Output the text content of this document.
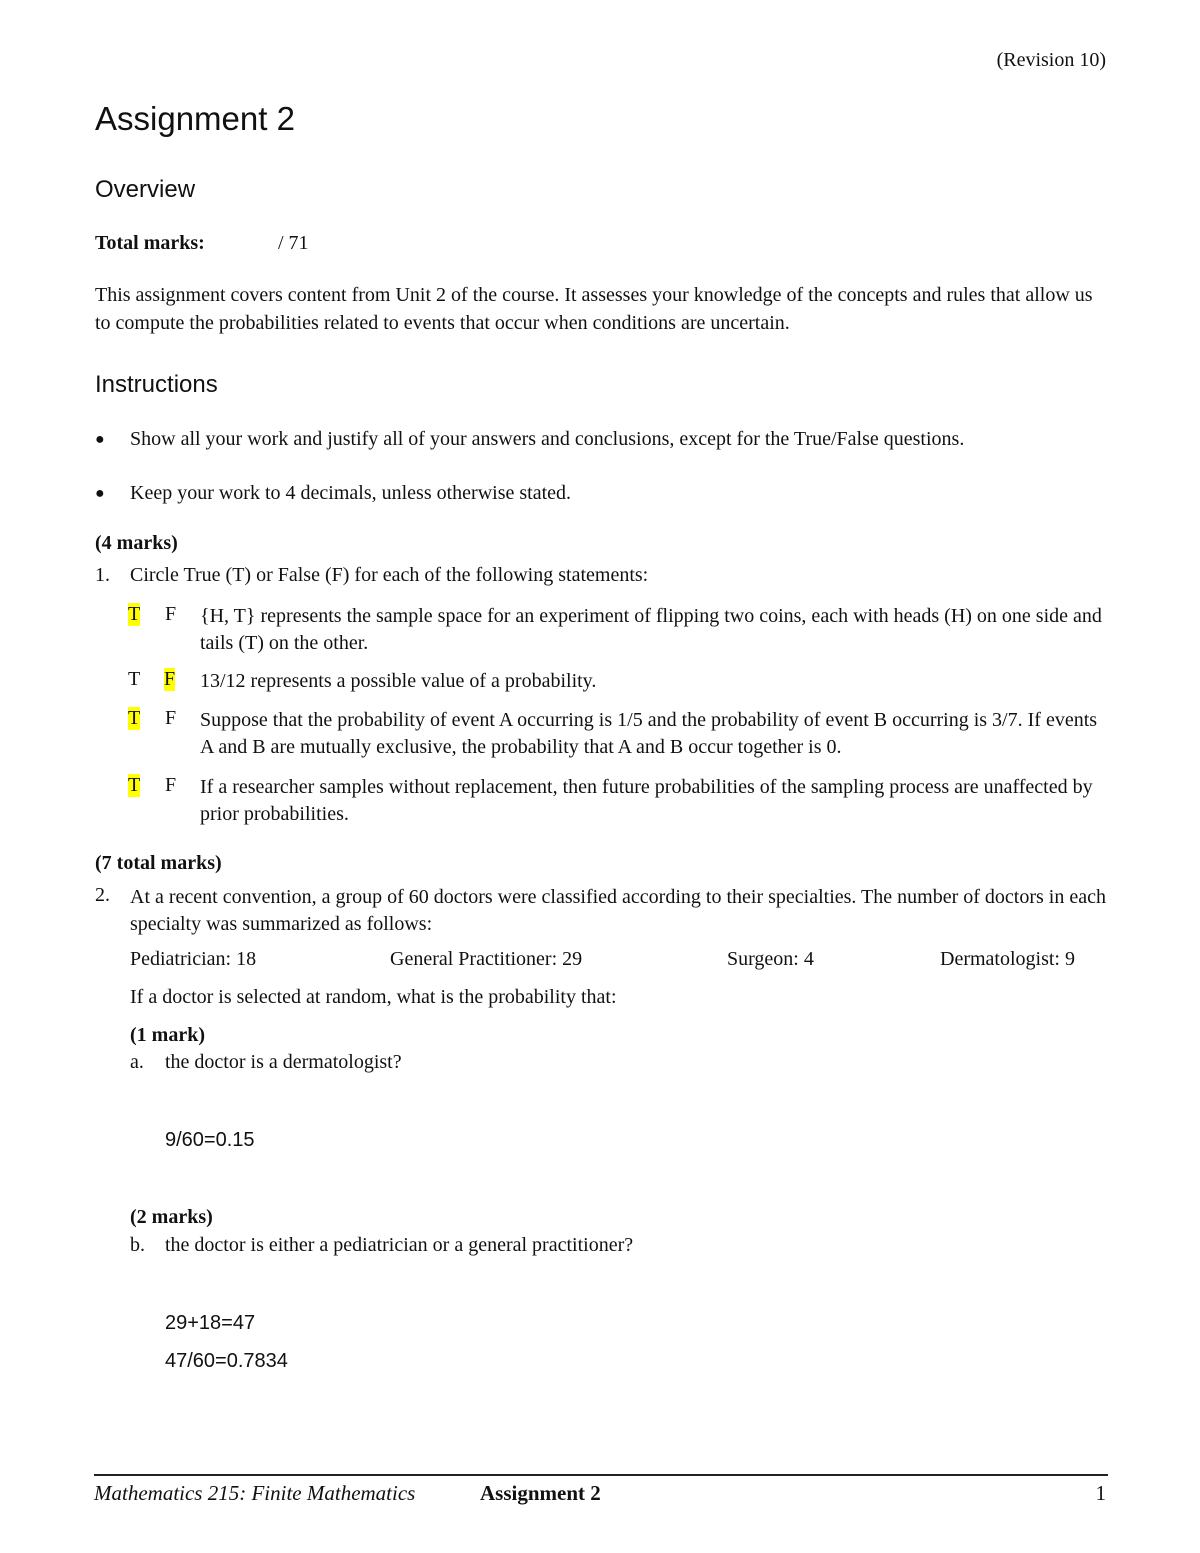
(Revision 10)
Assignment 2
Overview
Total marks:	/ 71
This assignment covers content from Unit 2 of the course. It assesses your knowledge of the concepts and rules that allow us to compute the probabilities related to events that occur when conditions are uncertain.
Instructions
● Show all your work and justify all of your answers and conclusions, except for the True/False questions.
● Keep your work to 4 decimals, unless otherwise stated.
(4 marks)
1. Circle True (T) or False (F) for each of the following statements:
T F {H, T} represents the sample space for an experiment of flipping two coins, each with heads (H) on one side and tails (T) on the other.
T F 13/12 represents a possible value of a probability.
T F Suppose that the probability of event A occurring is 1/5 and the probability of event B occurring is 3/7. If events A and B are mutually exclusive, the probability that A and B occur together is 0.
T F If a researcher samples without replacement, then future probabilities of the sampling process are unaffected by prior probabilities.
(7 total marks)
2. At a recent convention, a group of 60 doctors were classified according to their specialties. The number of doctors in each specialty was summarized as follows:
Pediatrician: 18	General Practitioner: 29	Surgeon: 4	Dermatologist: 9
If a doctor is selected at random, what is the probability that:
(1 mark)
a. the doctor is a dermatologist?
9/60=0.15
(2 marks)
b. the doctor is either a pediatrician or a general practitioner?
29+18=47
47/60=0.7834
Mathematics 215: Finite Mathematics	Assignment 2	1
